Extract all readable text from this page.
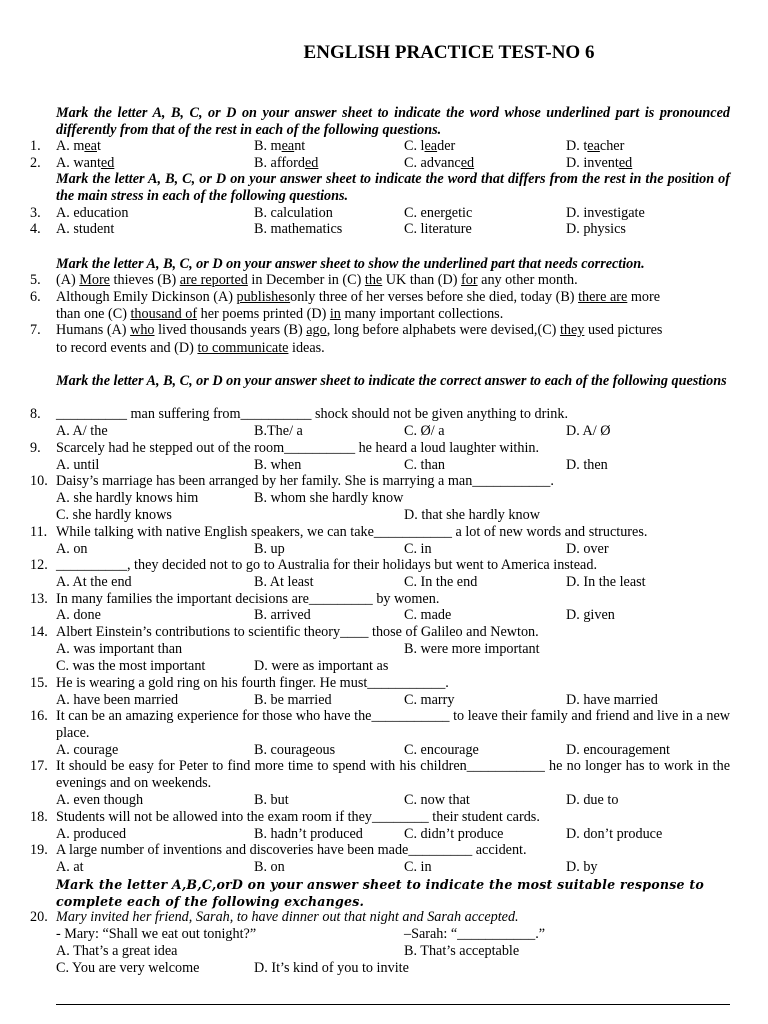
ENGLISH PRACTICE TEST-NO 6
Mark the letter A, B, C, or D on your answer sheet to indicate the word whose underlined part is pronounced differently from that of the rest in each of the following questions.
1.	A. meat	B. meant	C. leader	D. teacher
2.	A. wanted	B. afforded	C. advanced	D. invented
Mark the letter A, B, C, or D on your answer sheet to indicate the word that differs from the rest in the position of the main stress in each of the following questions.
3.	A. education	B. calculation	C. energetic	D. investigate
4.	A. student	B. mathematics	C. literature	D. physics
Mark the letter A, B, C, or D on your answer sheet to show the underlined part that needs correction.
5.	(A) More thieves (B) are reported in December in (C) the UK than (D) for any other month.
6.	Although Emily Dickinson (A) publishesonly three of her verses before she died, today (B) there are more
than one (C) thousand of her poems printed (D) in many important collections.
7.	Humans (A) who lived thousands years (B) ago, long before alphabets were devised,(C) they used pictures
to record events and (D) to communicate ideas.
Mark the letter A, B, C, or D on your answer sheet to indicate the correct answer to each of the following questions
8.	__________ man suffering from__________ shock should not be given anything to drink.
A. A/ the	B.The/ a	C. Ø/ a	D. A/ Ø
9.	Scarcely had he stepped out of the room__________ he heard a loud laughter within.
A. until	B. when	C. than	D. then
10. Daisy’s marriage has been arranged by her family. She is marrying a man___________.
A. she hardly knows him	B. whom she hardly know
C. she hardly knows	D. that she hardly know
11. While talking with native English speakers, we can take___________ a lot of new words and structures.
A. on	B. up	C. in	D. over
12. __________, they decided not to go to Australia for their holidays but went to America instead.
A. At the end	B. At least	C. In the end	D. In the least
13. In many families the important decisions are_________ by women.
A. done	B. arrived	C. made	D. given
14. Albert Einstein’s contributions to scientific theory____ those of Galileo and Newton.
A. was important than	B. were more important
C. was the most important	D. were as important as
15. He is wearing a gold ring on his fourth finger. He must___________.
A. have been married	B. be married	C. marry	D. have married
16. It can be an amazing experience for those who have the___________ to leave their family and friend and live in a new place.
A. courage	B. courageous	C. encourage	D. encouragement
17. It should be easy for Peter to find more time to spend with his children___________ he no longer has to work in the evenings and on weekends.
A. even though	B. but	C. now that	D. due to
18. Students will not be allowed into the exam room if they________ their student cards.
A. produced	B. hadn’t produced	C. didn’t produce	D. don’t produce
19. A large number of inventions and discoveries have been made_________ accident.
A. at	B. on	C. in	D. by
Mark the letter A,B,C,orD on your answer sheet to indicate the most suitable response to complete each of the following exchanges.
20. Mary invited her friend, Sarah, to have dinner out that night and Sarah accepted.
- Mary: “Shall we eat out tonight?”	–Sarah: “___________.”
A. That’s a great idea	B. That’s acceptable
C. You are very welcome	D. It’s kind of you to invite
